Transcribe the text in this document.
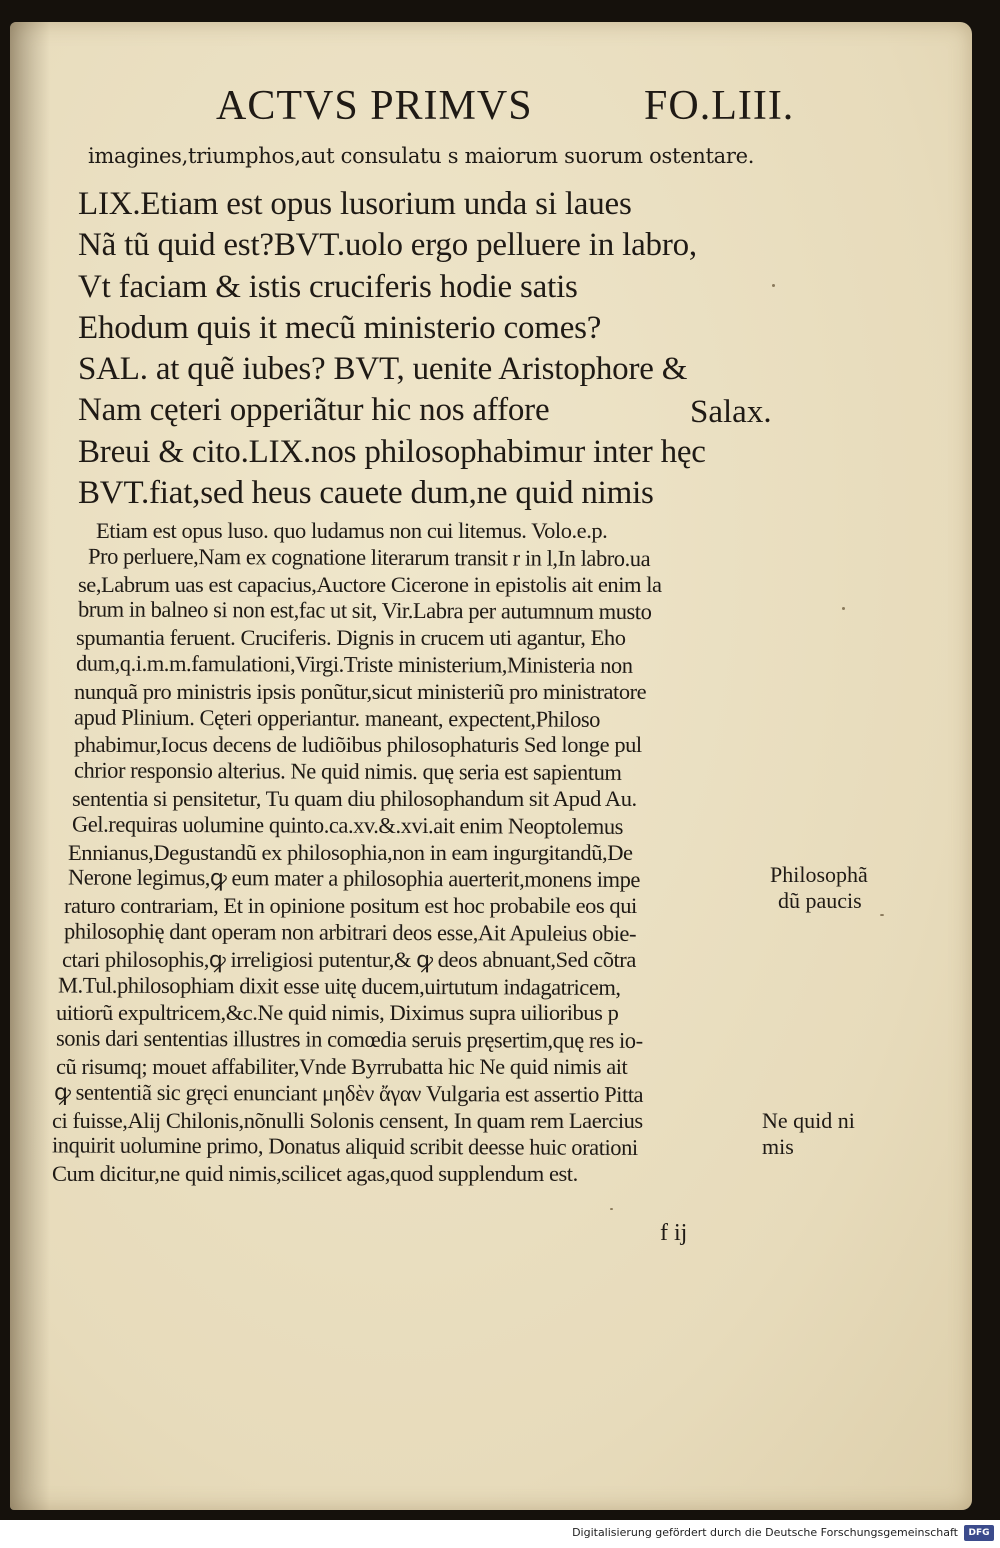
ACTVS PRIMVS	FO.LIII.
imagines,triumphos,aut consulatu s maiorum suorum ostentare.
LIX.Etiam est opus lusorium unda si laues
Nã tũ quid est?BVT.uolo ergo pelluere in labro,
Vt faciam & istis cruciferis hodie satis
Ehodum quis it mecũ ministerio comes?
SAL. at quẽ iubes? BVT, uenite Aristophore &
Nam cęteri opperiãtur hic nos affore
Breui & cito.LIX.nos philosophabimur inter hęc
BVT.fiat,sed heus cauete dum,ne quid nimis
Salax.
Etiam est opus luso. quo ludamus non cui litemus. Volo.e.p.
Pro perluere,Nam ex cognatione literarum transit r in l,In labro.ua
se,Labrum uas est capacius,Auctore Cicerone in epistolis ait enim la
brum in balneo si non est,fac ut sit, Vir.Labra per autumnum musto
spumantia feruent. Cruciferis. Dignis in crucem uti agantur, Eho
dum,q.i.m.m.famulationi,Virgi.Triste ministerium,Ministeria non
nunquã pro ministris ipsis ponũtur,sicut ministeriũ pro ministratore
apud Plinium. Cęteri opperiantur. maneant, expectent,Philoso
phabimur,Iocus decens de ludiõibus philosophaturis Sed longe pul
chrior responsio alterius. Ne quid nimis. quę seria est sapientum
sententia si pensitetur, Tu quam diu philosophandum sit Apud Au.
Gel.requiras uolumine quinto.ca.xv.&.xvi.ait enim Neoptolemus
Ennianus,Degustandũ ex philosophia,non in eam ingurgitandũ,De
Nerone legimus,ꝙ eum mater a philosophia auerterit,monens impe
raturo contrariam, Et in opinione positum est hoc probabile eos qui
philosophię dant operam non arbitrari deos esse,Ait Apuleius obie-
ctari philosophis,ꝙ irreligiosi putentur,& ꝙ deos abnuant,Sed cõtra
M.Tul.philosophiam dixit esse uitę ducem,uirtutum indagatricem,
uitiorũ expultricem,&c.Ne quid nimis, Diximus supra uilioribus p
sonis dari sententias illustres in comœdia seruis pręsertim,quę res io-
cũ risumq; mouet affabiliter,Vnde Byrrubatta hic Ne quid nimis ait
ꝙ sententiã sic gręci enunciant μηδὲν ἄγαν Vulgaria est assertio Pitta
ci fuisse,Alij Chilonis,nõnulli Solonis censent, In quam rem Laercius
inquirit uolumine primo, Donatus aliquid scribit deesse huic orationi
Cum dicitur,ne quid nimis,scilicet agas,quod supplendum est.
Philosophã
dũ paucis
Ne quid ni
mis
f ij
Digitalisierung gefördert durch die Deutsche Forschungsgemeinschaft	DFG
